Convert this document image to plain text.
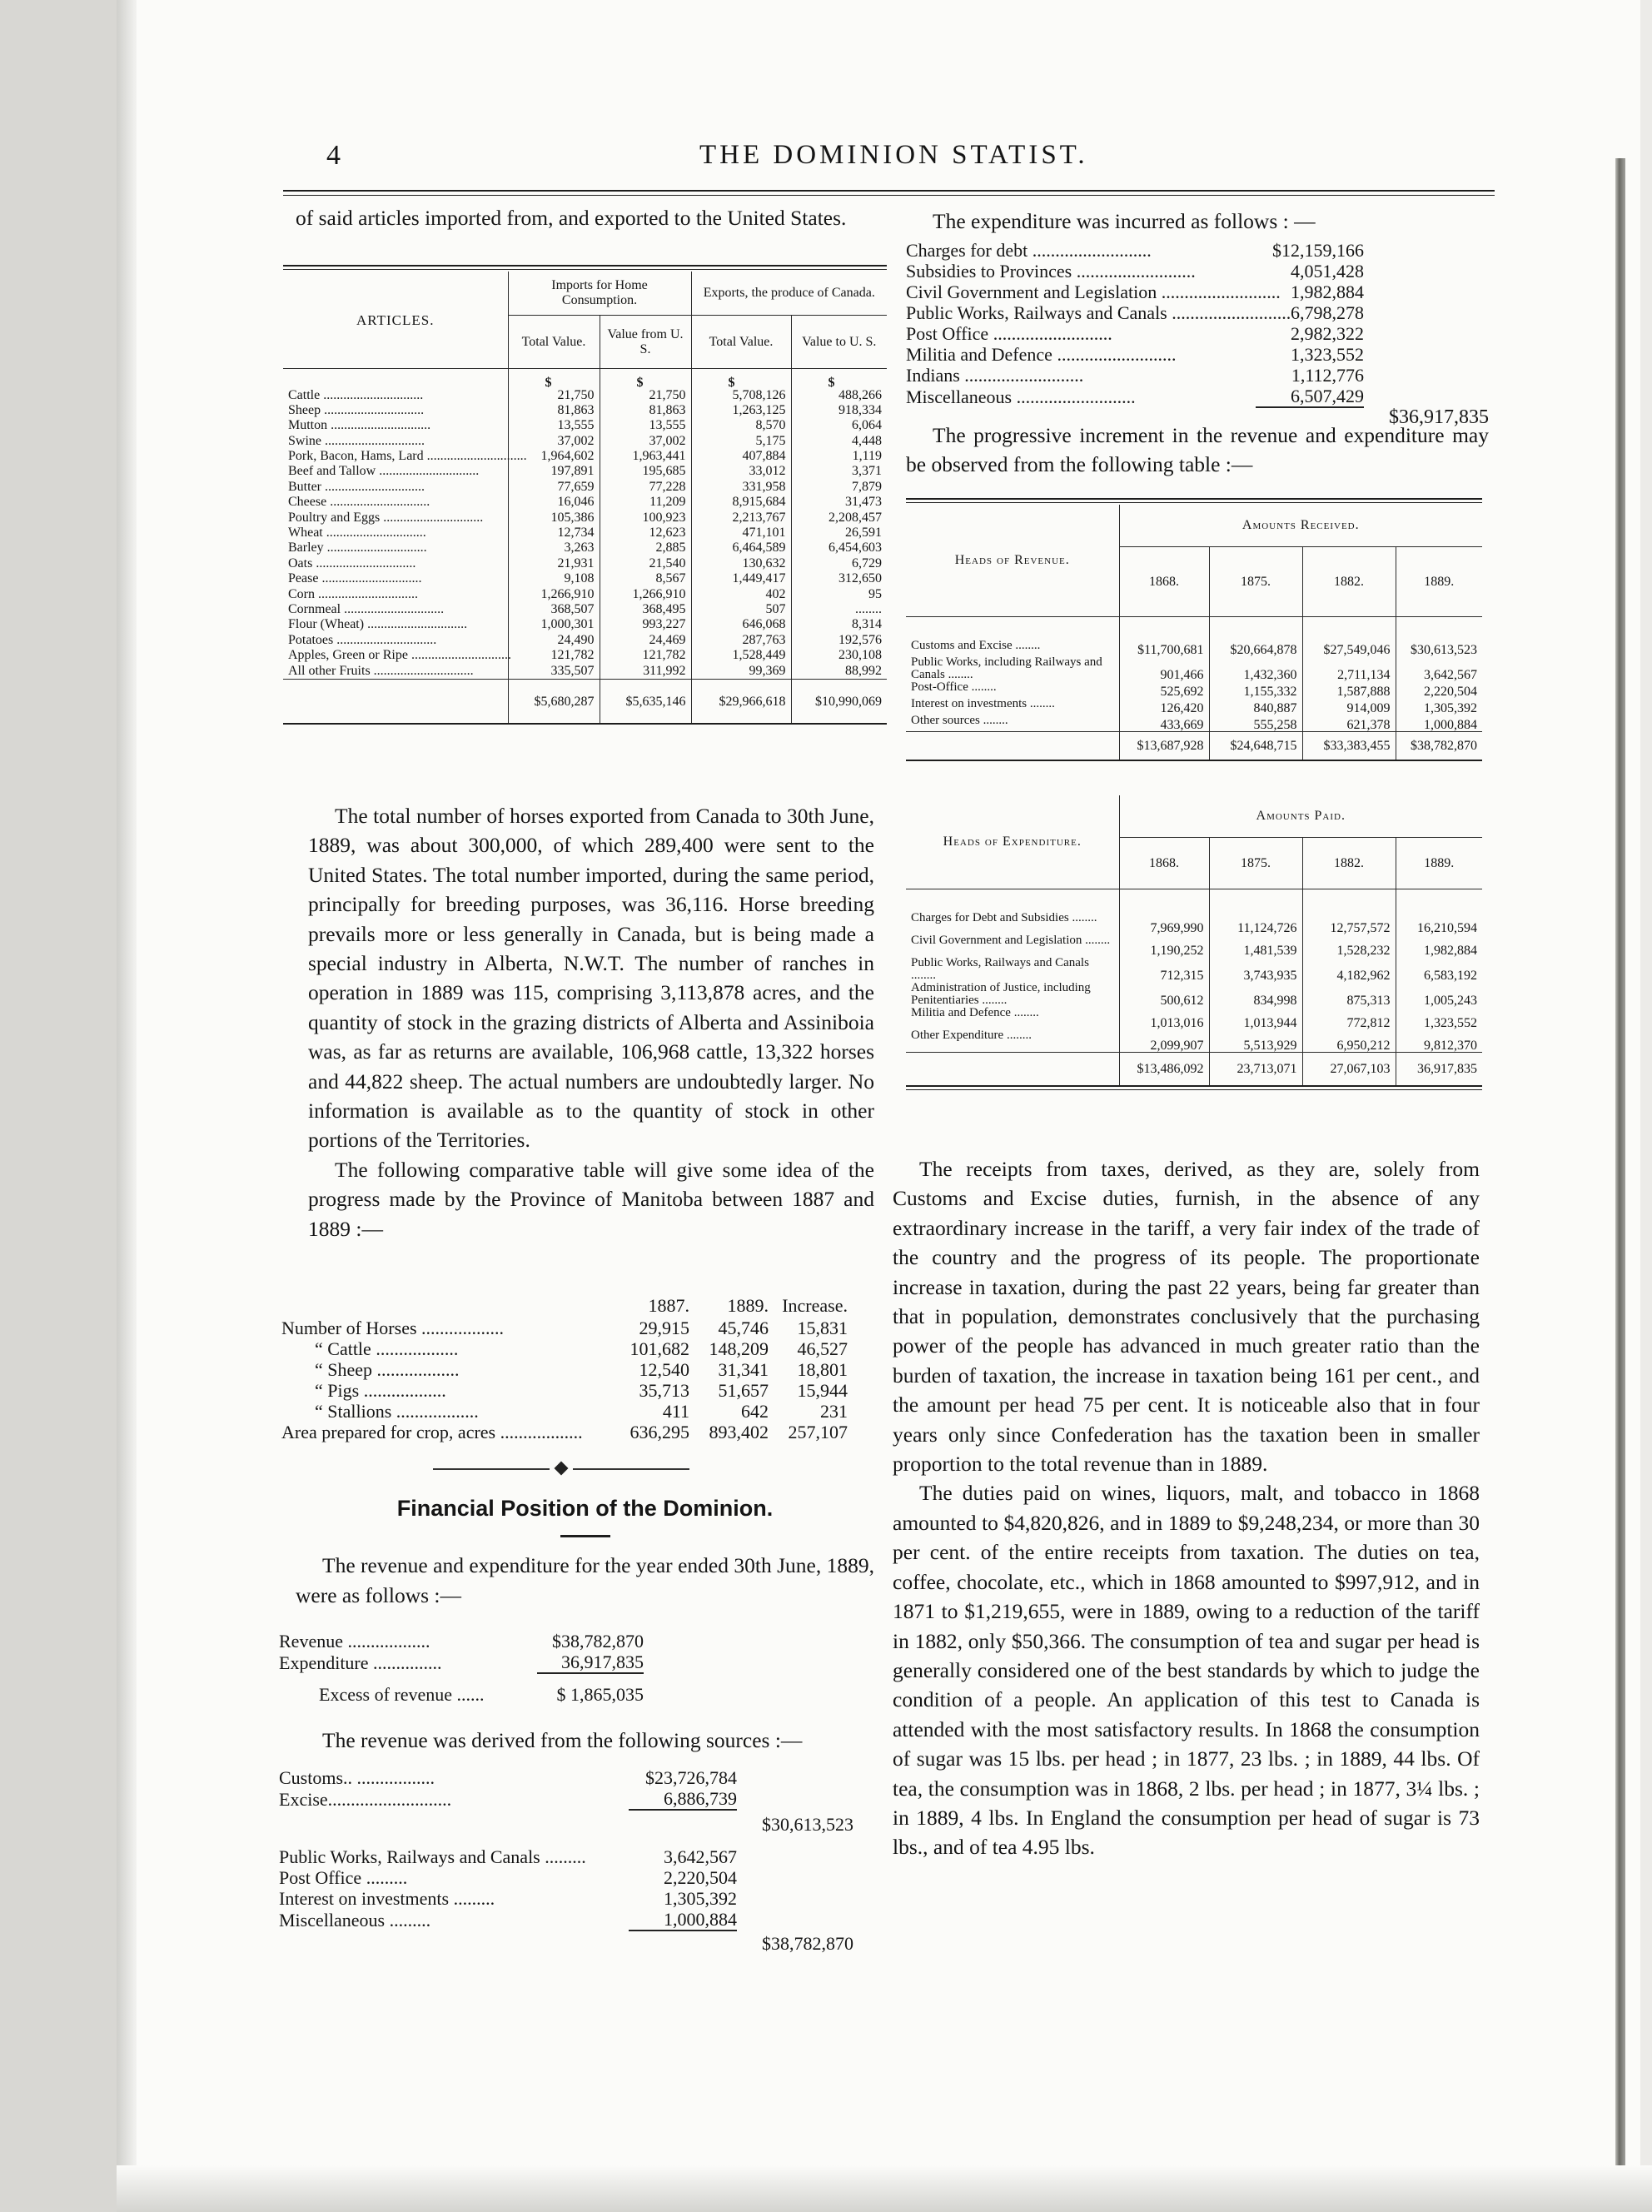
4	THE DOMINION STATIST.

of said articles imported from, and exported to the United States.

ARTICLES.	Imports for Home Consumption.		Exports, the produce of Canada.	
	Total Value.	Value from U. S.	Total Value.	Value to U. S.
	$	$	$	$
Cattle ..............................	21,750	21,750	5,708,126	488,266
Sheep ..............................	81,863	81,863	1,263,125	918,334
Mutton ..............................	13,555	13,555	8,570	6,064
Swine ..............................	37,002	37,002	5,175	4,448
Pork, Bacon, Hams, Lard ..............................	1,964,602	1,963,441	407,884	1,119
Beef and Tallow ..............................	197,891	195,685	33,012	3,371
Butter ..............................	77,659	77,228	331,958	7,879
Cheese ..............................	16,046	11,209	8,915,684	31,473
Poultry and Eggs ..............................	105,386	100,923	2,213,767	2,208,457
Wheat ..............................	12,734	12,623	471,101	26,591
Barley ..............................	3,263	2,885	6,464,589	6,454,603
Oats ..............................	21,931	21,540	130,632	6,729
Pease ..............................	9,108	8,567	1,449,417	312,650
Corn ..............................	1,266,910	1,266,910	402	95
Cornmeal ..............................	368,507	368,495	507	........
Flour (Wheat) ..............................	1,000,301	993,227	646,068	8,314
Potatoes ..............................	24,490	24,469	287,763	192,576
Apples, Green or Ripe ..............................	121,782	121,782	1,528,449	230,108
All other Fruits ..............................	335,507	311,992	99,369	88,992
	$5,680,287	$5,635,146	$29,966,618	$10,990,069

The total number of horses exported from Canada to 30th June, 1889, was about 300,000, of which 289,400 were sent to the United States. The total number imported, during the same period, principally for breeding purposes, was 36,116. Horse breeding prevails more or less generally in Canada, but is being made a special industry in Alberta, N.W.T. The number of ranches in operation in 1889 was 115, comprising 3,113,878 acres, and the quantity of stock in the grazing districts of Alberta and Assiniboia was, as far as returns are available, 106,968 cattle, 13,322 horses and 44,822 sheep. The actual numbers are undoubtedly larger. No information is available as to the quantity of stock in other portions of the Territories.

The following comparative table will give some idea of the progress made by the Province of Manitoba between 1887 and 1889 :—

	1887.	1889.	Increase.
Number of Horses ..................	29,915	45,746	15,831
“ Cattle ..................	101,682	148,209	46,527
“ Sheep ..................	12,540	31,341	18,801
“ Pigs ..................	35,713	51,657	15,944
“ Stallions ..................	411	642	231
Area prepared for crop, acres ..................	636,295	893,402	257,107

Financial Position of the Dominion.

The revenue and expenditure for the year ended 30th June, 1889, were as follows :—

Revenue ..................	$38,782,870
Expenditure ...............	36,917,835
Excess of revenue ......	$ 1,865,035

The revenue was derived from the following sources :—

Customs.. .................	$23,726,784	
Excise...........................	6,886,739	
		$30,613,523

Public Works, Railways and Canals .........	3,642,567	
Post Office .........	2,220,504	
Interest on investments .........	1,305,392	
Miscellaneous .........	1,000,884	
		$38,782,870

The expenditure was incurred as follows : —

Charges for debt ..........................	$12,159,166	
Subsidies to Provinces ..........................	4,051,428	
Civil Government and Legislation ..........................	1,982,884	
Public Works, Railways and Canals ..........................	6,798,278	
Post Office ..........................	2,982,322	
Militia and Defence ..........................	1,323,552	
Indians ..........................	1,112,776	
Miscellaneous ..........................	6,507,429	
		$36,917,835

The progressive increment in the revenue and expenditure may be observed from the following table :—

Heads of Revenue.	Amounts Received.			
	1868.	1875.	1882.	1889.

Customs and Excise ........	$11,700,681	$20,664,878	$27,549,046	$30,613,523
Public Works, including Railways and Canals ........	901,466	1,432,360	2,711,134	3,642,567
Post-Office ........	525,692	1,155,332	1,587,888	2,220,504
Interest on investments ........	126,420	840,887	914,009	1,305,392
Other sources ........	433,669	555,258	621,378	1,000,884
	$13,687,928	$24,648,715	$33,383,455	$38,782,870
Heads of Expenditure.	Amounts Paid.			
	1868.	1875.	1882.	1889.

Charges for Debt and Subsidies ........	7,969,990	11,124,726	12,757,572	16,210,594
Civil Government and Legislation ........	1,190,252	1,481,539	1,528,232	1,982,884
Public Works, Railways and Canals ........	712,315	3,743,935	4,182,962	6,583,192
Administration of Justice, including Penitentiaries ........	500,612	834,998	875,313	1,005,243
Militia and Defence ........	1,013,016	1,013,944	772,812	1,323,552
Other Expenditure ........	2,099,907	5,513,929	6,950,212	9,812,370
	$13,486,092	23,713,071	27,067,103	36,917,835

The receipts from taxes, derived, as they are, solely from Customs and Excise duties, furnish, in the absence of any extraordinary increase in the tariff, a very fair index of the trade of the country and the progress of its people. The proportionate increase in taxation, during the past 22 years, being far greater than that in population, demonstrates conclusively that the purchasing power of the people has advanced in much greater ratio than the burden of taxation, the increase in taxation being 161 per cent., and the amount per head 75 per cent. It is noticeable also that in four years only since Confederation has the taxation been in smaller proportion to the total revenue than in 1889.

The duties paid on wines, liquors, malt, and tobacco in 1868 amounted to $4,820,826, and in 1889 to $9,248,234, or more than 30 per cent. of the entire receipts from taxation. The duties on tea, coffee, chocolate, etc., which in 1868 amounted to $997,912, and in 1871 to $1,219,655, were in 1889, owing to a reduction of the tariff in 1882, only $50,366. The consumption of tea and sugar per head is generally considered one of the best standards by which to judge the condition of a people. An application of this test to Canada is attended with the most satisfactory results. In 1868 the consumption of sugar was 15 lbs. per head ; in 1877, 23 lbs. ; in 1889, 44 lbs. Of tea, the consumption was in 1868, 2 lbs. per head ; in 1877, 3¼ lbs. ; in 1889, 4 lbs. In England the consumption per head of sugar is 73 lbs., and of tea 4.95 lbs.
